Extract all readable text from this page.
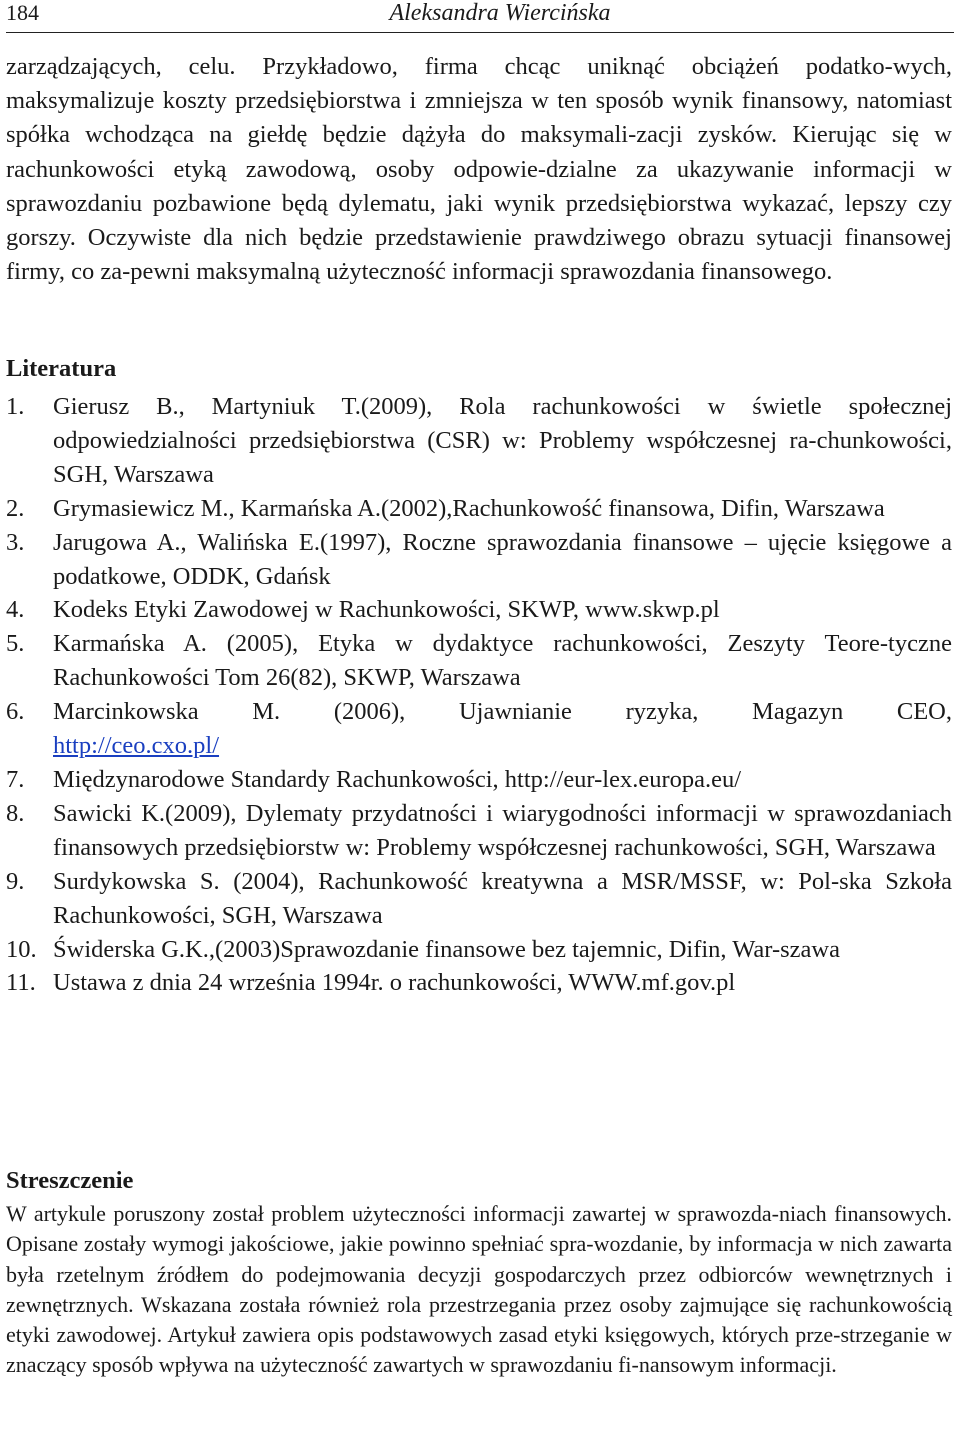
184	Aleksandra Wiercińska

zarządzających, celu. Przykładowo, firma chcąc uniknąć obciążeń podatko-wych, maksymalizuje koszty przedsiębiorstwa i zmniejsza w ten sposób wynik finansowy, natomiast spółka wchodząca na giełdę będzie dążyła do maksymali-zacji zysków. Kierując się w rachunkowości etyką zawodową, osoby odpowie-dzialne za ukazywanie informacji w sprawozdaniu pozbawione będą dylematu, jaki wynik przedsiębiorstwa wykazać, lepszy czy gorszy. Oczywiste dla nich będzie przedstawienie prawdziwego obrazu sytuacji finansowej firmy, co za-pewni maksymalną użyteczność informacji sprawozdania finansowego.

Literatura
1. Gierusz B., Martyniuk T.(2009), Rola rachunkowości w świetle społecznej odpowiedzialności przedsiębiorstwa (CSR) w: Problemy współczesnej ra-chunkowości, SGH, Warszawa
2. Grymasiewicz M., Karmańska A.(2002),Rachunkowość finansowa, Difin, Warszawa
3. Jarugowa A., Walińska E.(1997), Roczne sprawozdania finansowe – ujęcie księgowe a podatkowe, ODDK, Gdańsk
4. Kodeks Etyki Zawodowej w Rachunkowości, SKWP, www.skwp.pl
5. Karmańska A. (2005), Etyka w dydaktyce rachunkowości, Zeszyty Teore-tyczne Rachunkowości Tom 26(82), SKWP, Warszawa
6. Marcinkowska M. (2006), Ujawnianie ryzyka, Magazyn CEO,
http://ceo.cxo.pl/
7. Międzynarodowe Standardy Rachunkowości, http://eur-lex.europa.eu/
8. Sawicki K.(2009), Dylematy przydatności i wiarygodności informacji w sprawozdaniach finansowych przedsiębiorstw w: Problemy współczesnej rachunkowości, SGH, Warszawa
9. Surdykowska S. (2004), Rachunkowość kreatywna a MSR/MSSF, w: Pol-ska Szkoła Rachunkowości, SGH, Warszawa
10. Świderska G.K.,(2003)Sprawozdanie finansowe bez tajemnic, Difin, War-szawa
11. Ustawa z dnia 24 września 1994r. o rachunkowości, WWW.mf.gov.pl
Streszczenie

W artykule poruszony został problem użyteczności informacji zawartej w sprawozda-niach finansowych. Opisane zostały wymogi jakościowe, jakie powinno spełniać spra-wozdanie, by informacja w nich zawarta była rzetelnym źródłem do podejmowania decyzji gospodarczych przez odbiorców wewnętrznych i zewnętrznych. Wskazana została również rola przestrzegania przez osoby zajmujące się rachunkowością etyki zawodowej. Artykuł zawiera opis podstawowych zasad etyki księgowych, których prze-strzeganie w znaczący sposób wpływa na użyteczność zawartych w sprawozdaniu fi-nansowym informacji.
